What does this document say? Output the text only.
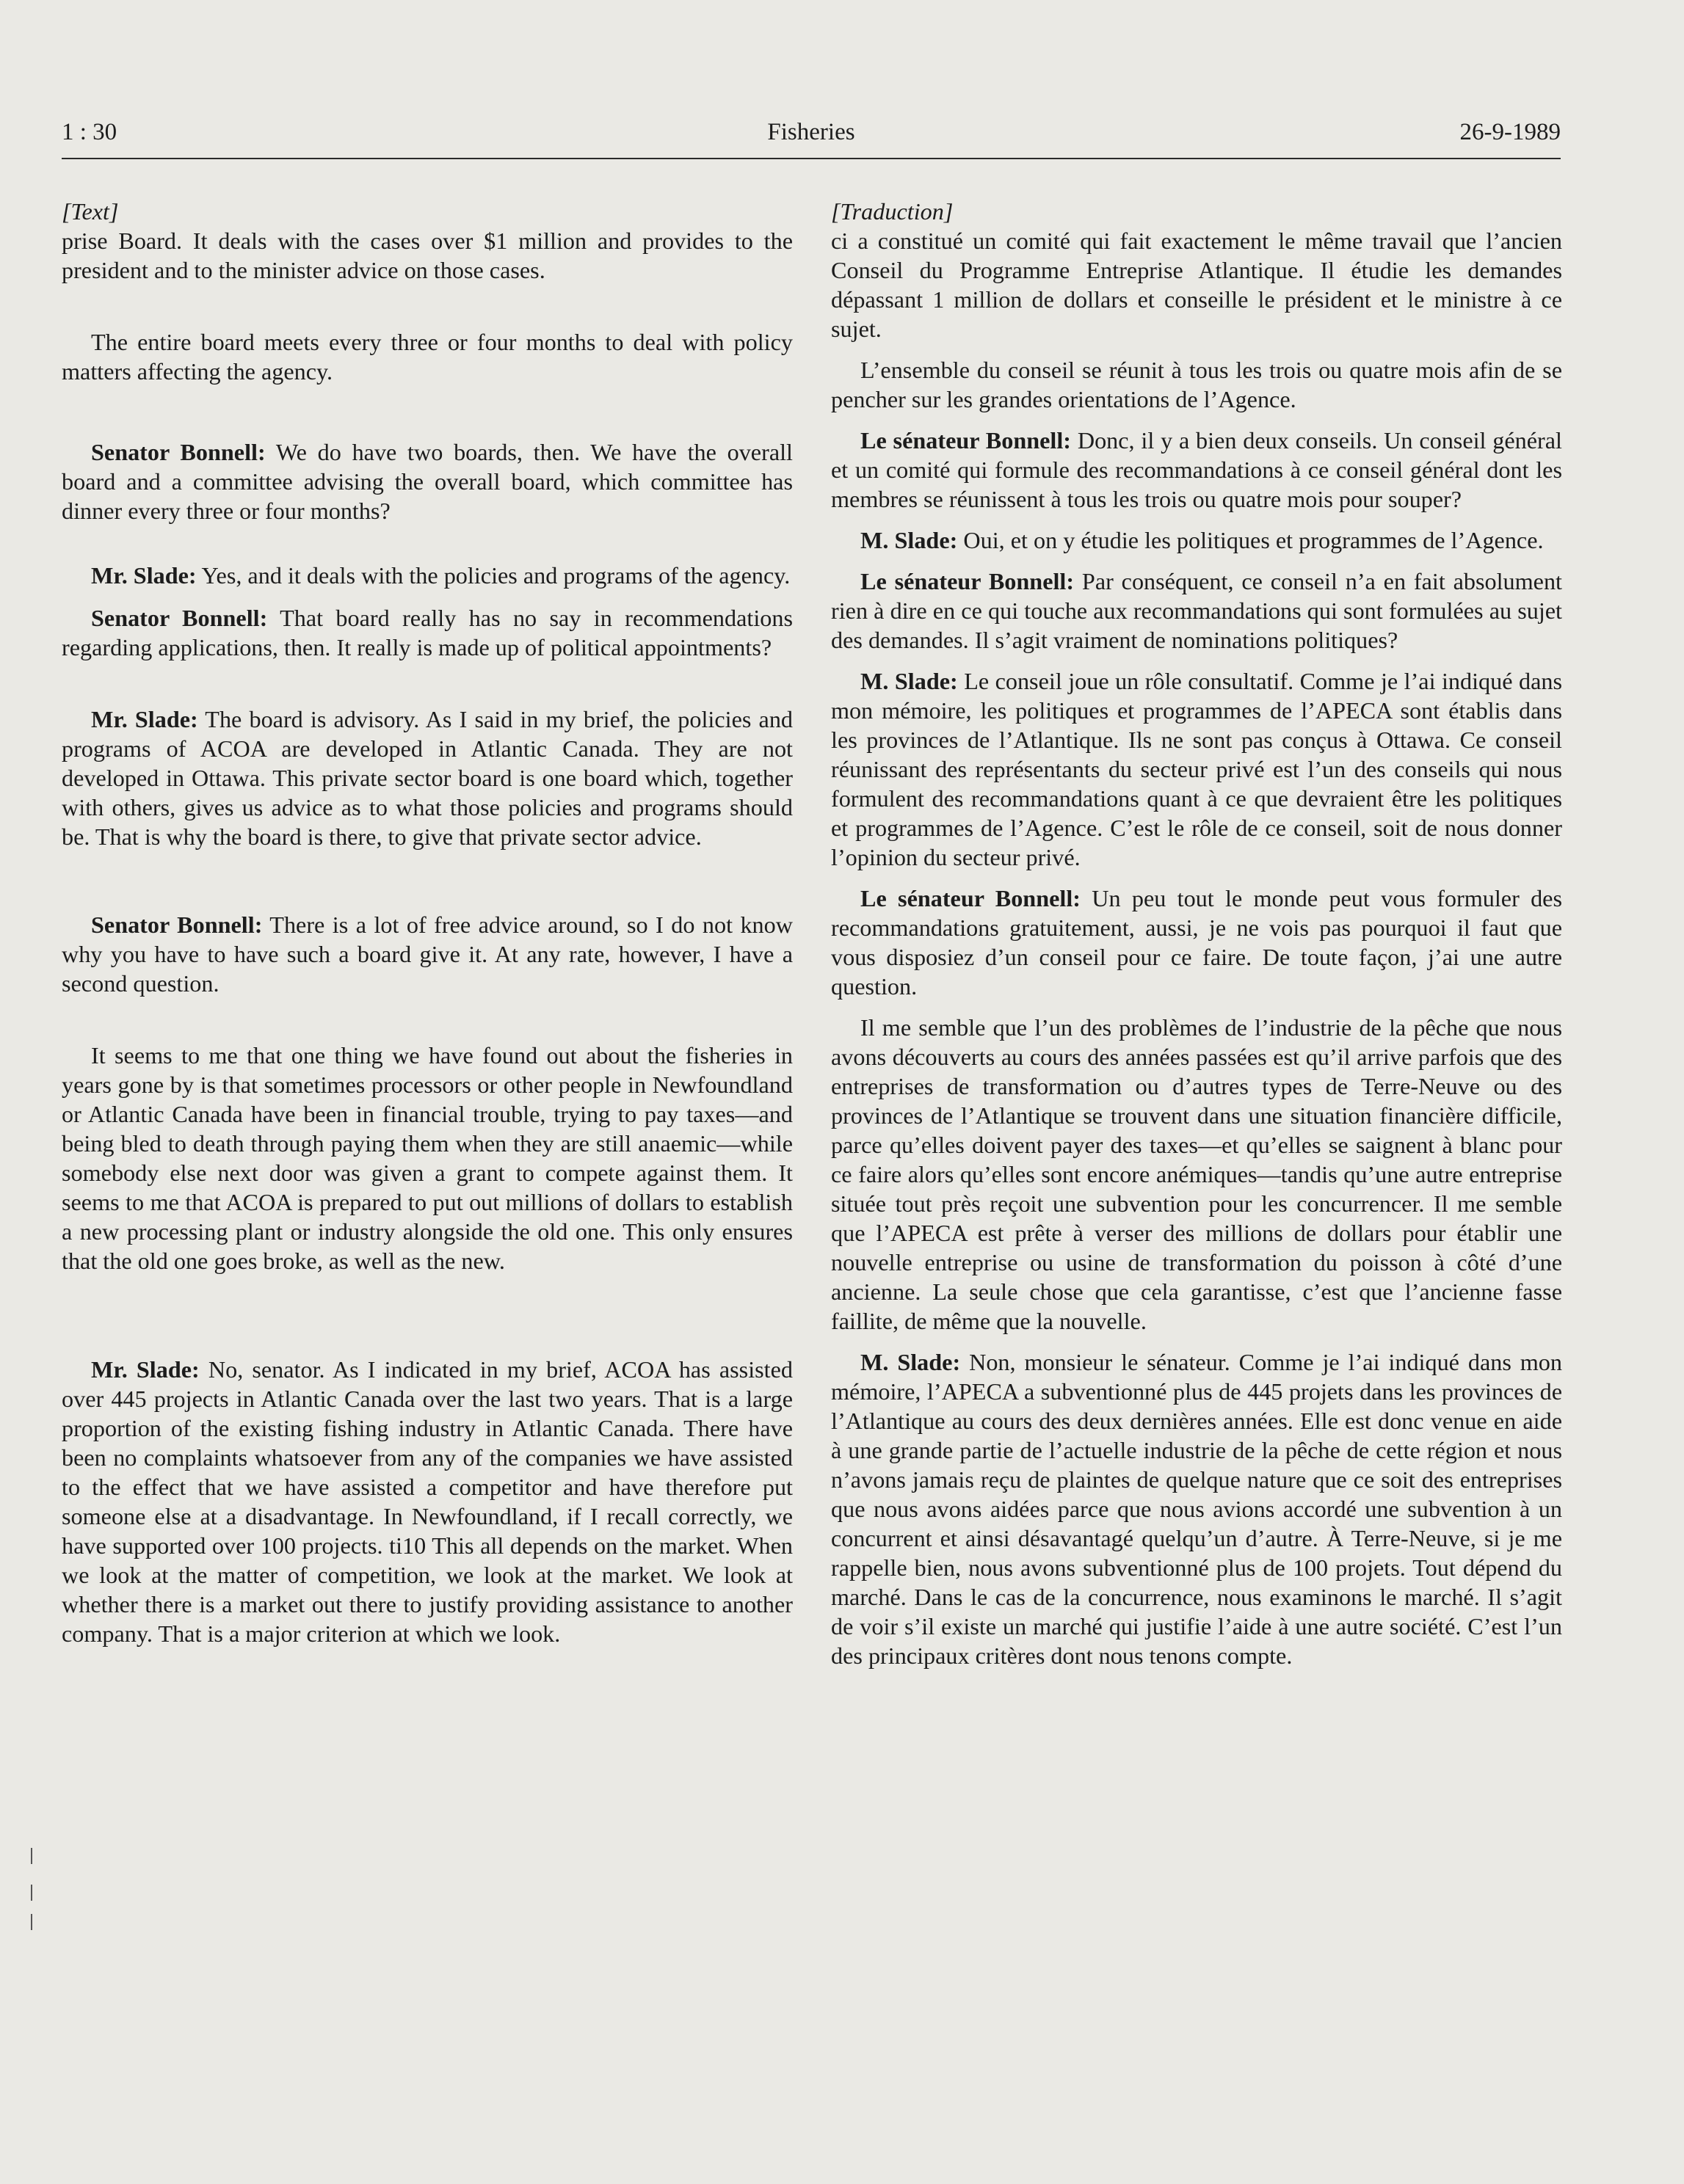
1 : 30	Fisheries	26-9-1989

[Text]

prise Board. It deals with the cases over $1 million and provides to the president and to the minister advice on those cases.

The entire board meets every three or four months to deal with policy matters affecting the agency.

Senator Bonnell: We do have two boards, then. We have the overall board and a committee advising the overall board, which committee has dinner every three or four months?

Mr. Slade: Yes, and it deals with the policies and programs of the agency.

Senator Bonnell: That board really has no say in recommendations regarding applications, then. It really is made up of political appointments?

Mr. Slade: The board is advisory. As I said in my brief, the policies and programs of ACOA are developed in Atlantic Canada. They are not developed in Ottawa. This private sector board is one board which, together with others, gives us advice as to what those policies and programs should be. That is why the board is there, to give that private sector advice.

Senator Bonnell: There is a lot of free advice around, so I do not know why you have to have such a board give it. At any rate, however, I have a second question.

It seems to me that one thing we have found out about the fisheries in years gone by is that sometimes processors or other people in Newfoundland or Atlantic Canada have been in financial trouble, trying to pay taxes—and being bled to death through paying them when they are still anaemic—while somebody else next door was given a grant to compete against them. It seems to me that ACOA is prepared to put out millions of dollars to establish a new processing plant or industry alongside the old one. This only ensures that the old one goes broke, as well as the new.

Mr. Slade: No, senator. As I indicated in my brief, ACOA has assisted over 445 projects in Atlantic Canada over the last two years. That is a large proportion of the existing fishing industry in Atlantic Canada. There have been no complaints whatsoever from any of the companies we have assisted to the effect that we have assisted a competitor and have therefore put someone else at a disadvantage. In Newfoundland, if I recall correctly, we have supported over 100 projects. ti10 This all depends on the market. When we look at the matter of competition, we look at the market. We look at whether there is a market out there to justify providing assistance to another company. That is a major criterion at which we look.

[Traduction]

ci a constitué un comité qui fait exactement le même travail que l’ancien Conseil du Programme Entreprise Atlantique. Il étudie les demandes dépassant 1 million de dollars et conseille le président et le ministre à ce sujet.

L’ensemble du conseil se réunit à tous les trois ou quatre mois afin de se pencher sur les grandes orientations de l’Agence.

Le sénateur Bonnell: Donc, il y a bien deux conseils. Un conseil général et un comité qui formule des recommandations à ce conseil général dont les membres se réunissent à tous les trois ou quatre mois pour souper?

M. Slade: Oui, et on y étudie les politiques et programmes de l’Agence.

Le sénateur Bonnell: Par conséquent, ce conseil n’a en fait absolument rien à dire en ce qui touche aux recommandations qui sont formulées au sujet des demandes. Il s’agit vraiment de nominations politiques?

M. Slade: Le conseil joue un rôle consultatif. Comme je l’ai indiqué dans mon mémoire, les politiques et programmes de l’APECA sont établis dans les provinces de l’Atlantique. Ils ne sont pas conçus à Ottawa. Ce conseil réunissant des représentants du secteur privé est l’un des conseils qui nous formulent des recommandations quant à ce que devraient être les politiques et programmes de l’Agence. C’est le rôle de ce conseil, soit de nous donner l’opinion du secteur privé.

Le sénateur Bonnell: Un peu tout le monde peut vous formuler des recommandations gratuitement, aussi, je ne vois pas pourquoi il faut que vous disposiez d’un conseil pour ce faire. De toute façon, j’ai une autre question.

Il me semble que l’un des problèmes de l’industrie de la pêche que nous avons découverts au cours des années passées est qu’il arrive parfois que des entreprises de transformation ou d’autres types de Terre-Neuve ou des provinces de l’Atlantique se trouvent dans une situation financière difficile, parce qu’elles doivent payer des taxes—et qu’elles se saignent à blanc pour ce faire alors qu’elles sont encore anémiques—tandis qu’une autre entreprise située tout près reçoit une subvention pour les concurrencer. Il me semble que l’APECA est prête à verser des millions de dollars pour établir une nouvelle entreprise ou usine de transformation du poisson à côté d’une ancienne. La seule chose que cela garantisse, c’est que l’ancienne fasse faillite, de même que la nouvelle.

M. Slade: Non, monsieur le sénateur. Comme je l’ai indiqué dans mon mémoire, l’APECA a subventionné plus de 445 projets dans les provinces de l’Atlantique au cours des deux dernières années. Elle est donc venue en aide à une grande partie de l’actuelle industrie de la pêche de cette région et nous n’avons jamais reçu de plaintes de quelque nature que ce soit des entreprises que nous avons aidées parce que nous avions accordé une subvention à un concurrent et ainsi désavantagé quelqu’un d’autre. À Terre-Neuve, si je me rappelle bien, nous avons subventionné plus de 100 projets. Tout dépend du marché. Dans le cas de la concurrence, nous examinons le marché. Il s’agit de voir s’il existe un marché qui justifie l’aide à une autre société. C’est l’un des principaux critères dont nous tenons compte.
